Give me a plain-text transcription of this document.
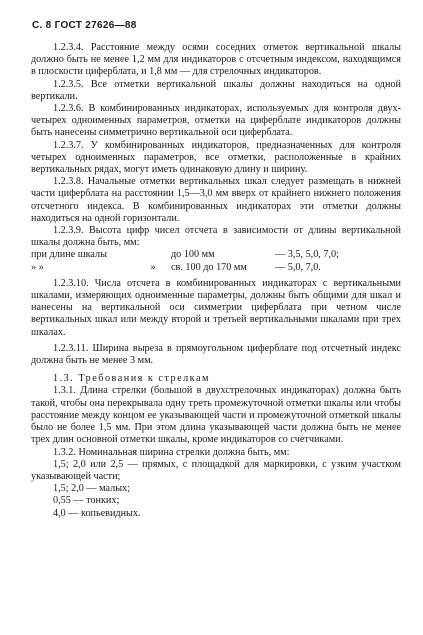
С. 8 ГОСТ 27626—88

1.2.3.4. Расстояние между осями соседних отметок вертикальной шкалы должно быть не менее 1,2 мм для индикаторов с отсчетным индексом, находящимся в плоскости циферблата, и 1,8 мм — для стрелочных индикаторов.

1.2.3.5. Все отметки вертикальной шкалы должны находиться на одной вертикали.

1.2.3.6. В комбинированных индикаторах, используемых для контроля двух-четырех одноименных параметров, отметки на циферблате индикаторов должны быть нанесены симметрично вертикальной оси циферблата.

1.2.3.7. У комбинированных индикаторов, предназначенных для контроля четырех одноименных параметров, все отметки, расположенные в крайних вертикальных рядах, могут иметь одинаковую длину и ширину.

1.2.3.8. Начальные отметки вертикальных шкал следует размещать в нижней части циферблата на расстоянии 1,5—3,0 мм вверх от крайнего нижнего положения отсчетного индекса. В комбинированных индикаторах эти отметки должны находиться на одной горизонтали.

1.2.3.9. Высота цифр чисел отсчета в зависимости от длины вертикальной шкалы должна быть, мм:

при длине шкалы	до 100 мм	— 3,5, 5,0, 7,0;
» »	»	св. 100 до 170 мм	— 5,0, 7,0.

1.2.3.10. Числа отсчета в комбинированных индикаторах с вертикальными шкалами, измеряющих одноименные параметры, должны быть общими для шкал и нанесены на вертикальной оси симметрии циферблата при четном числе вертикальных шкал или между второй и третьей вертикальными шкалами при трех шкалах.

1.2.3.11. Ширина выреза в прямоугольном циферблате под отсчетный индекс должна быть не менее 3 мм.

1.3. Требования к стрелкам

1.3.1. Длина стрелки (большой в двухстрелочных индикаторах) должна быть такой, чтобы она перекрывала одну треть промежуточной отметки шкалы или чтобы расстояние между концом ее указывающей части и промежуточной отметкой шкалы было не более 1,5 мм. При этом длина указывающей части должна быть не менее трех длин основной отметки шкалы, кроме индикаторов со счетчиками.

1.3.2. Номинальная ширина стрелки должна быть, мм:

1,5; 2,0 или 2,5 — прямых, с площадкой для маркировки, с узким участком указывающей части;

1,5; 2,0 — малых;

0,55 — тонких;

4,0 — копьевидных.
